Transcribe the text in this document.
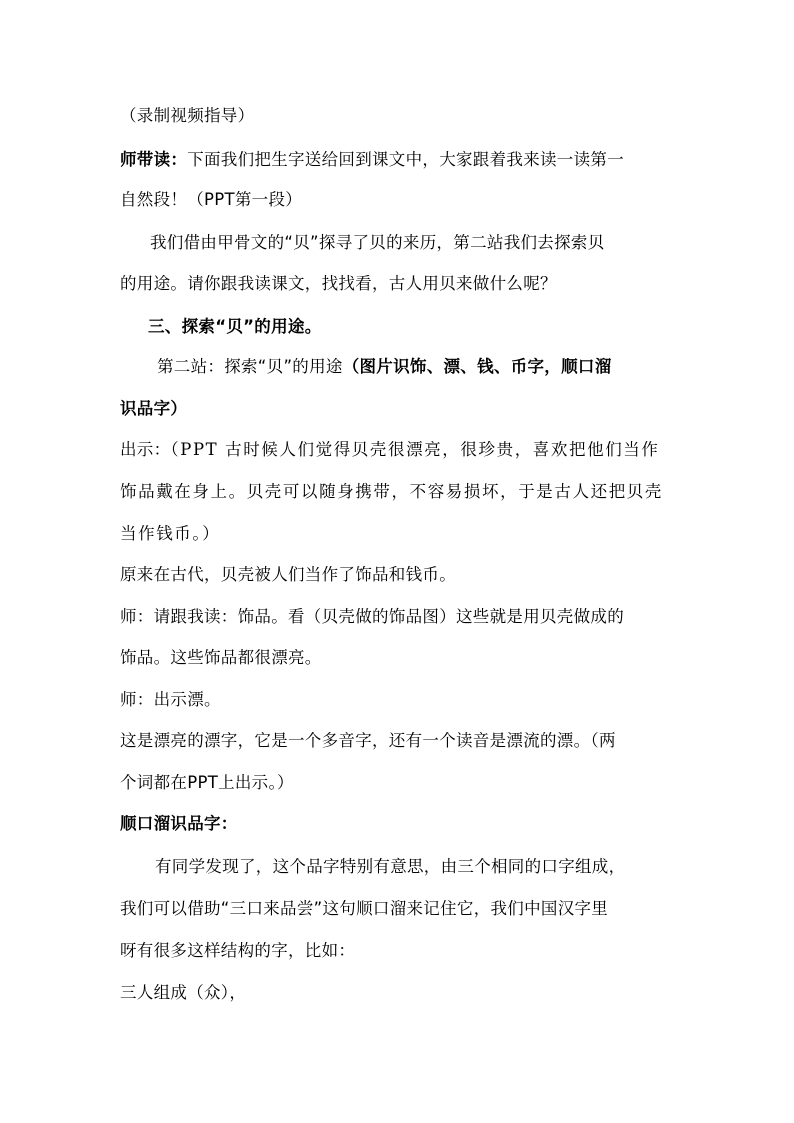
（录制视频指导）
师带读：下面我们把生字送给回到课文中，大家跟着我来读一读第一
自然段！（PPT第一段）
我们借由甲骨文的“贝”探寻了贝的来历，第二站我们去探索贝
的用途。请你跟我读课文，找找看，古人用贝来做什么呢？
三、探索“贝”的用途。
第二站：探索“贝”的用途（图片识饰、漂、钱、币字，顺口溜
识品字）
出示：（PPT 古时候人们觉得贝壳很漂亮，很珍贵，喜欢把他们当作
饰品戴在身上。贝壳可以随身携带，不容易损坏，于是古人还把贝壳
当作钱币。）
原来在古代，贝壳被人们当作了饰品和钱币。
师：请跟我读：饰品。看（贝壳做的饰品图）这些就是用贝壳做成的
饰品。这些饰品都很漂亮。
师：出示漂。
这是漂亮的漂字，它是一个多音字，还有一个读音是漂流的漂。（两
个词都在PPT上出示。）
顺口溜识品字：
有同学发现了，这个品字特别有意思，由三个相同的口字组成，
我们可以借助“三口来品尝”这句顺口溜来记住它，我们中国汉字里
呀有很多这样结构的字，比如：
三人组成（众），
